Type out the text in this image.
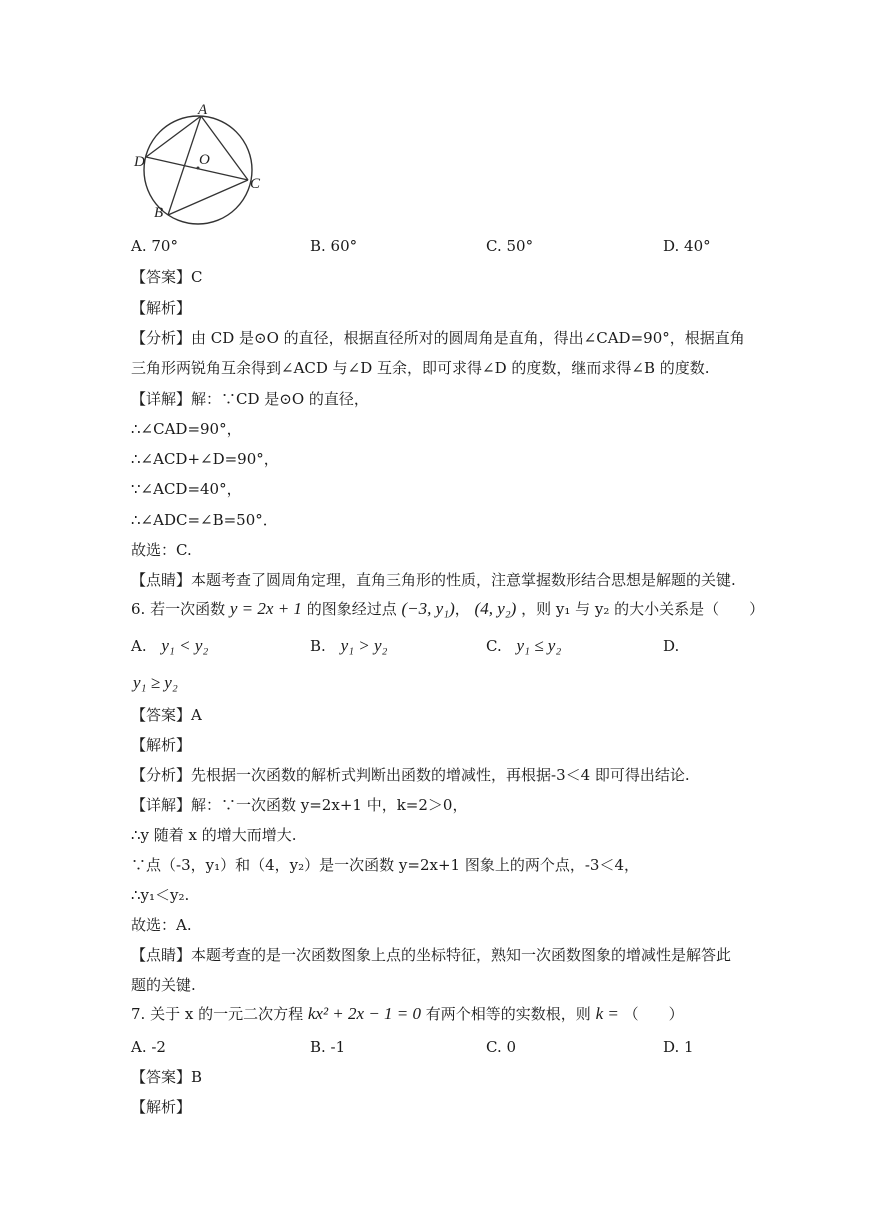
A
D	O
C
B
A. 70°	B. 60°	C. 50°	D. 40°
【答案】C
【解析】
【分析】由 CD 是⊙O 的直径，根据直径所对的圆周角是直角，得出∠CAD=90°，根据直角
三角形两锐角互余得到∠ACD 与∠D 互余，即可求得∠D 的度数，继而求得∠B 的度数.
【详解】解：∵CD 是⊙O 的直径，
∴∠CAD=90°，
∴∠ACD+∠D=90°，
∵∠ACD=40°，
∴∠ADC=∠B=50°．
故选：C.
【点睛】本题考查了圆周角定理，直角三角形的性质，注意掌握数形结合思想是解题的关键.
6. 若一次函数 y = 2x + 1 的图象经过点 (−3, y₁)， (4, y₂) ，则 y₁ 与 y₂ 的大小关系是（　　）
A. y₁ < y₂	B. y₁ > y₂	C. y₁ ≤ y₂	D.
y₁ ≥ y₂
【答案】A
【解析】
【分析】先根据一次函数的解析式判断出函数的增减性，再根据-3＜4 即可得出结论.
【详解】解：∵一次函数 y=2x+1 中，k=2＞0，
∴y 随着 x 的增大而增大.
∵点（-3，y₁）和（4，y₂）是一次函数 y=2x+1 图象上的两个点，-3＜4，
∴y₁＜y₂.
故选：A.
【点睛】本题考查的是一次函数图象上点的坐标特征，熟知一次函数图象的增减性是解答此
题的关键.
7. 关于 x 的一元二次方程 kx² + 2x − 1 = 0 有两个相等的实数根，则 k = （　　）
A. -2	B. -1	C. 0	D. 1
【答案】B
【解析】
